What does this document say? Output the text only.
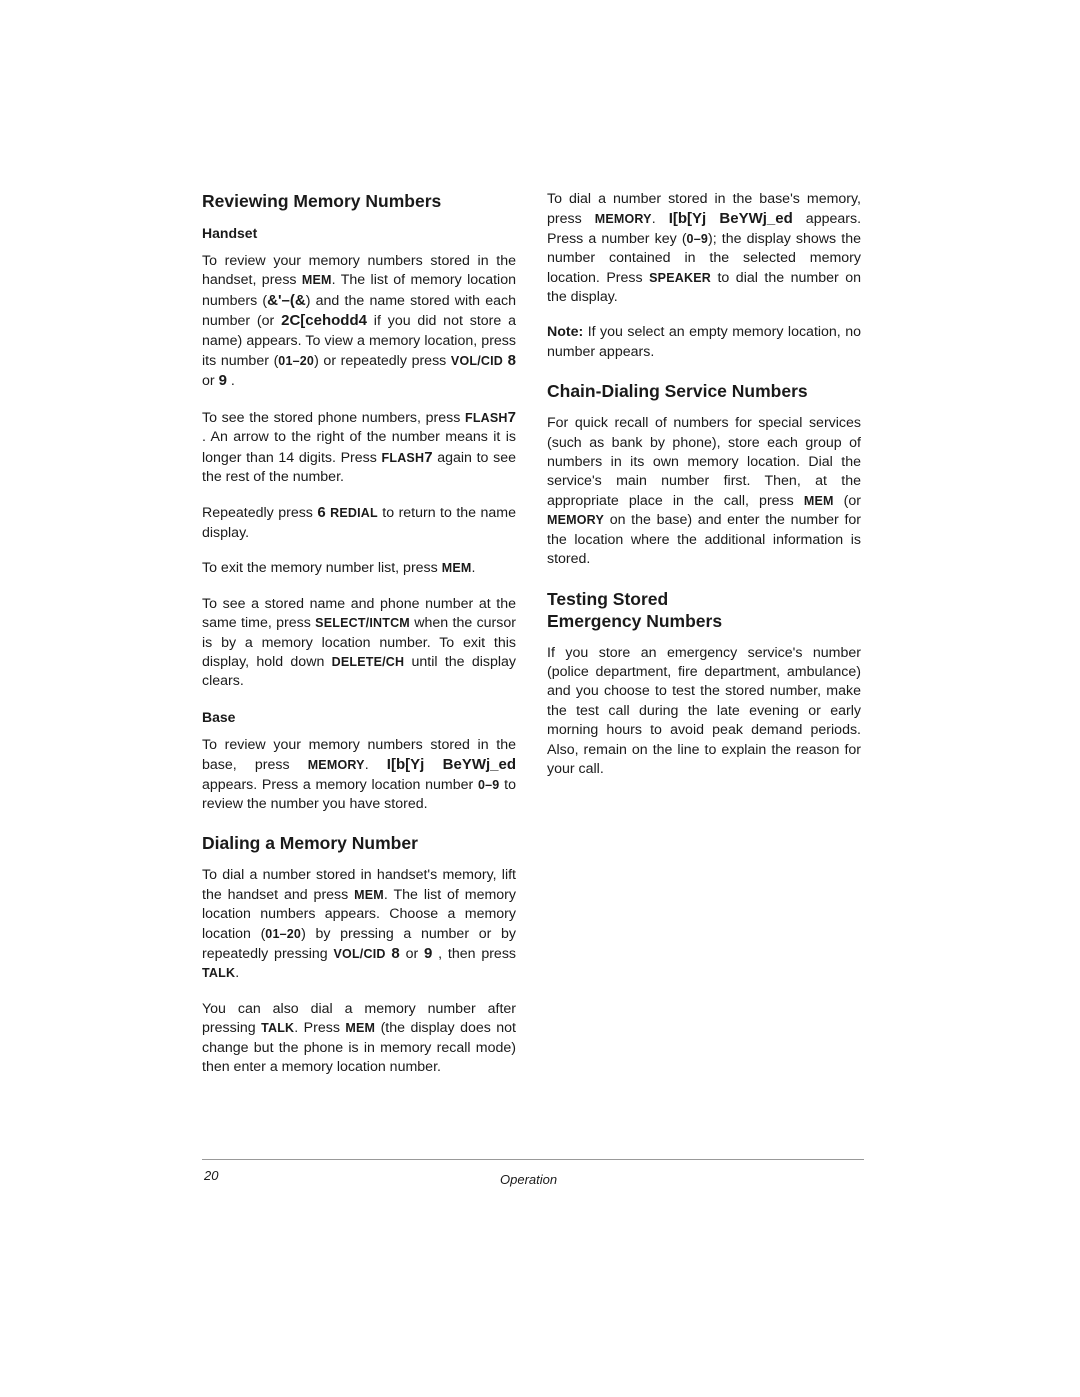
Reviewing Memory Numbers
Handset

To review your memory numbers stored in the handset, press MEM. The list of memory location numbers (&'–(&) and the name stored with each number (or 2C[cehodd4 if you did not store a name) appears. To view a memory location, press its number (01–20) or repeatedly press VOL/CID 8 or 9 .

To see the stored phone numbers, press FLASH7 . An arrow to the right of the number means it is longer than 14 digits. Press FLASH7 again to see the rest of the number.

Repeatedly press 6 REDIAL to return to the name display.

To exit the memory number list, press MEM.

To see a stored name and phone number at the same time, press SELECT/INTCM when the cursor is by a memory location number. To exit this display, hold down DELETE/CH until the display clears.

Base

To review your memory numbers stored in the base, press MEMORY. I[b[Yj BeYWj_ed appears. Press a memory location number 0–9 to review the number you have stored.

Dialing a Memory Number

To dial a number stored in handset's memory, lift the handset and press MEM. The list of memory location numbers appears. Choose a memory location (01–20) by pressing a number or by repeatedly pressing VOL/CID 8 or 9 , then press TALK.

You can also dial a memory number after pressing TALK. Press MEM (the display does not change but the phone is in memory recall mode) then enter a memory location number.

To dial a number stored in the base's memory, press MEMORY. I[b[Yj BeYWj_ed appears. Press a number key (0–9); the display shows the number contained in the selected memory location. Press SPEAKER to dial the number on the display.

Note: If you select an empty memory location, no number appears.

Chain-Dialing Service Numbers

For quick recall of numbers for special services (such as bank by phone), store each group of numbers in its own memory location. Dial the service's main number first. Then, at the appropriate place in the call, press MEM (or MEMORY on the base) and enter the number for the location where the additional information is stored.

Testing Stored
Emergency Numbers

If you store an emergency service's number (police department, fire department, ambulance) and you choose to test the stored number, make the test call during the late evening or early morning hours to avoid peak demand periods. Also, remain on the line to explain the reason for your call.

20	Operation
